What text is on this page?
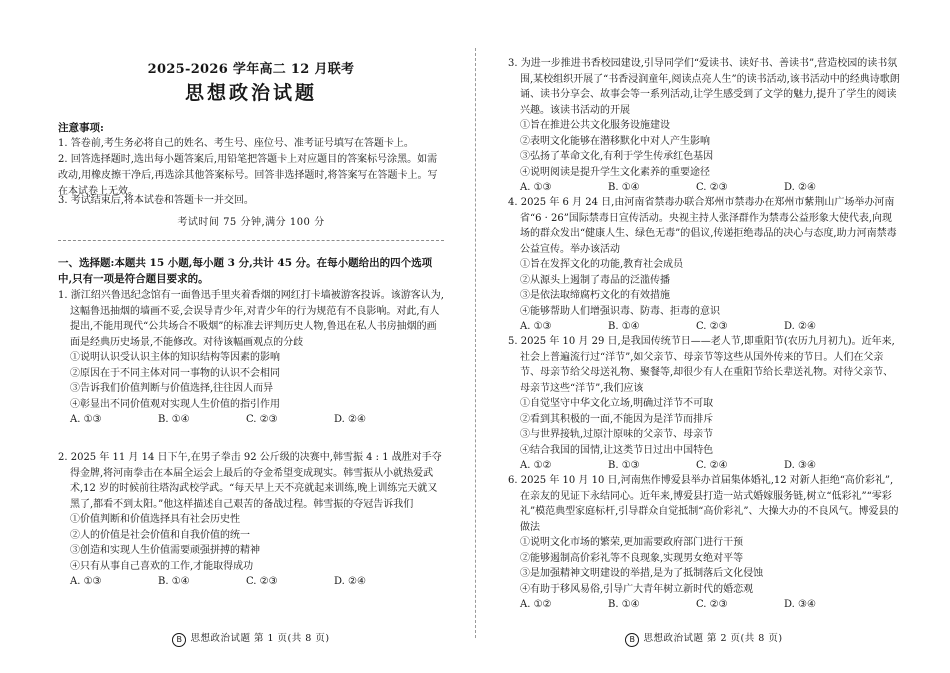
2025-2026 学年高二 12 月联考
思想政治试题
注意事项:
1. 答卷前,考生务必将自己的姓名、考生号、座位号、准考证号填写在答题卡上。
2. 回答选择题时,选出每小题答案后,用铅笔把答题卡上对应题目的答案标号涂黑。如需改动,用橡皮擦干净后,再选涂其他答案标号。回答非选择题时,将答案写在答题卡上。写在本试卷上无效。
3. 考试结束后,将本试卷和答题卡一并交回。
考试时间 75 分钟,满分 100 分
一、选择题:本题共 15 小题,每小题 3 分,共计 45 分。在每小题给出的四个选项中,只有一项是符合题目要求的。

1. 浙江绍兴鲁迅纪念馆有一面鲁迅手里夹着香烟的网红打卡墙被游客投诉。该游客认为,这幅鲁迅抽烟的墙画不妥,会误导青少年,对青少年的行为规范有不良影响。对此,有人提出,不能用现代“公共场合不吸烟”的标准去评判历史人物,鲁迅在私人书房抽烟的画面是经典历史场景,不能修改。对待该幅画观点的分歧

①说明认识受认识主体的知识结构等因素的影响

②原因在于不同主体对同一事物的认识不会相同

③告诉我们价值判断与价值选择,往往因人而异

④彰显出不同价值观对实现人生价值的指引作用

A. ①③	B. ①④	C. ②③	D. ②④

2. 2025 年 11 月 14 日下午,在男子拳击 92 公斤级的决赛中,韩雪振 4 : 1 战胜对手夺得金牌,将河南拳击在本届全运会上最后的夺金希望变成现实。韩雪振从小就热爱武术,12 岁的时候前往塔沟武校学武。“每天早上天不亮就起来训练,晚上训练完天就又黑了,都看不到太阳。”他这样描述自己艰苦的备战过程。韩雪振的夺冠告诉我们

①价值判断和价值选择具有社会历史性

②人的价值是社会价值和自我价值的统一

③创造和实现人生价值需要顽强拼搏的精神

④只有从事自己喜欢的工作,才能取得成功

A. ①③	B. ①④	C. ②③	D. ②④

B 思想政治试题 第 1 页(共 8 页)

3. 为进一步推进书香校园建设,引导同学们“爱读书、读好书、善读书”,营造校园的读书氛围,某校组织开展了“书香浸润童年,阅读点亮人生”的读书活动,该书活动中的经典诗歌朗诵、读书分享会、故事会等一系列活动,让学生感受到了文学的魅力,提升了学生的阅读兴趣。该读书活动的开展

①旨在推进公共文化服务设施建设

②表明文化能够在潜移默化中对人产生影响

③弘扬了革命文化,有利于学生传承红色基因

④说明阅读是提升学生文化素养的重要途径

A. ①③	B. ①④	C. ②③	D. ②④

4. 2025 年 6 月 24 日,由河南省禁毒办联合郑州市禁毒办在郑州市紫荆山广场举办河南省“6 · 26”国际禁毒日宣传活动。央视主持人张泽群作为禁毒公益形象大使代表,向现场的群众发出“健康人生、绿色无毒”的倡议,传递拒绝毒品的决心与态度,助力河南禁毒公益宣传。举办该活动

①旨在发挥文化的功能,教育社会成员

②从源头上遏制了毒品的泛滥传播

③是依法取缔腐朽文化的有效措施

④能够帮助人们增强识毒、防毒、拒毒的意识

A. ①③	B. ①④	C. ②③	D. ②④

5. 2025 年 10 月 29 日,是我国传统节日——老人节,即重阳节(农历九月初九)。近年来,社会上普遍流行过“洋节”,如父亲节、母亲节等这些从国外传来的节日。人们在父亲节、母亲节给父母送礼物、聚餐等,却很少有人在重阳节给长辈送礼物。对待父亲节、母亲节这些“洋节”,我们应该

①自觉坚守中华文化立场,明确过洋节不可取

②看到其积极的一面,不能因为是洋节而排斥

③与世界接轨,过原汁原味的父亲节、母亲节

④结合我国的国情,让这类节日过出中国特色

A. ①②	B. ①③	C. ②④	D. ③④

6. 2025 年 10 月 10 日,河南焦作博爱县举办首届集体婚礼,12 对新人拒绝“高价彩礼”,在亲友的见证下永结同心。近年来,博爱县打造一站式婚嫁服务链,树立“低彩礼”“零彩礼”模范典型家庭标杆,引导群众自觉抵制“高价彩礼”、大操大办的不良风气。博爱县的做法

①说明文化市场的繁荣,更加需要政府部门进行干预

②能够遏制高价彩礼等不良现象,实现男女绝对平等

③是加强精神文明建设的举措,是为了抵制落后文化侵蚀

④有助于移风易俗,引导广大青年树立新时代的婚恋观

A. ①②	B. ①④	C. ②③	D. ③④

B 思想政治试题 第 2 页(共 8 页)
